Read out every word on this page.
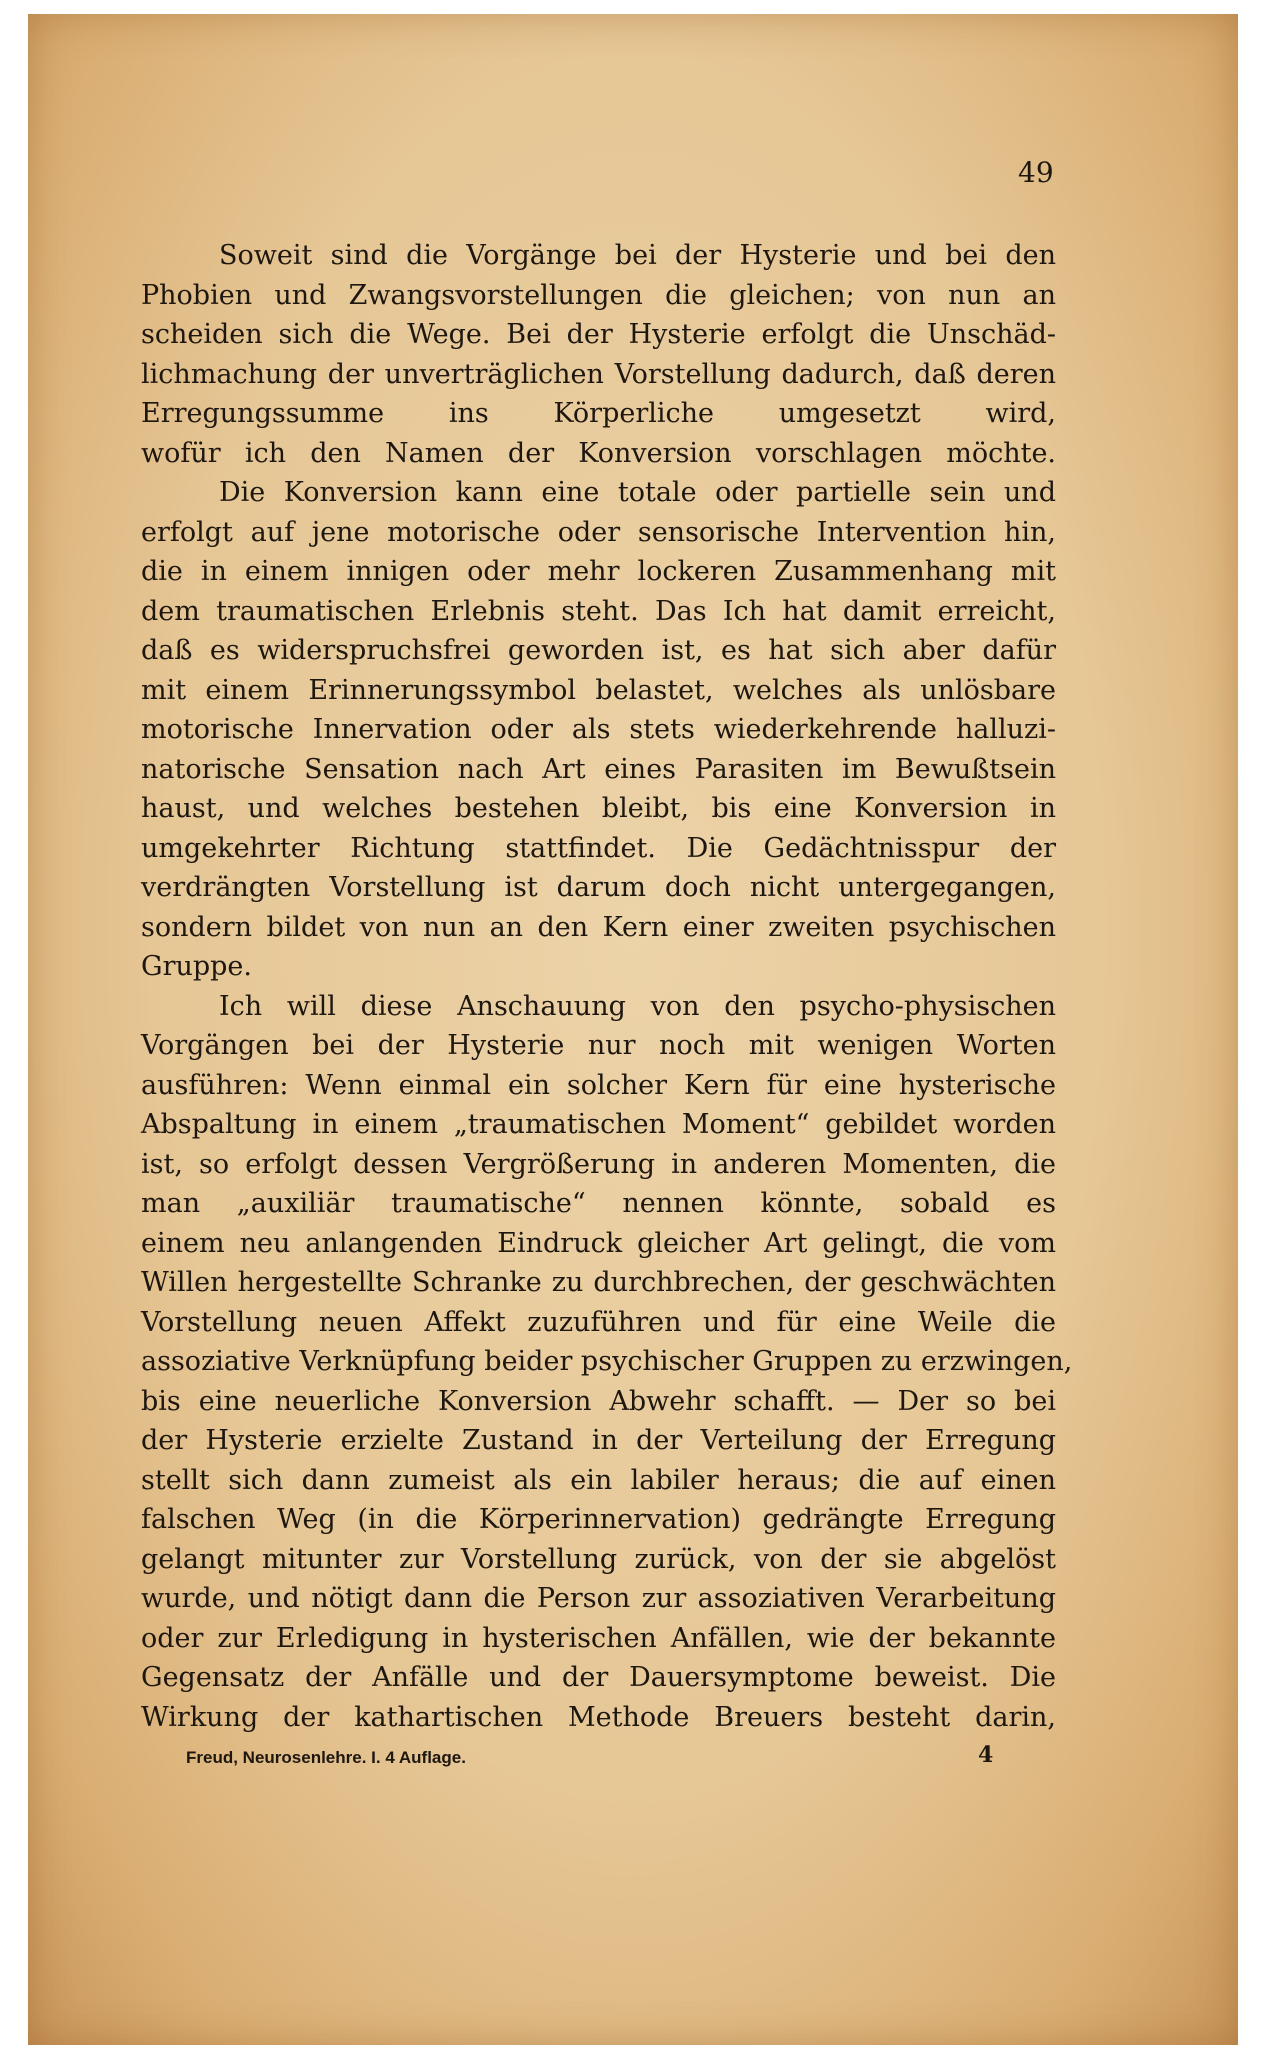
49
Soweit sind die Vorgänge bei der Hysterie und bei den
Phobien und Zwangsvorstellungen die gleichen; von nun an
scheiden sich die Wege. Bei der Hysterie erfolgt die Unschäd-
lichmachung der unverträglichen Vorstellung dadurch, daß deren
Erregungssumme ins Körperliche umgesetzt wird,
wofür ich den Namen der Konversion vorschlagen möchte.
Die Konversion kann eine totale oder partielle sein und
erfolgt auf jene motorische oder sensorische Intervention hin,
die in einem innigen oder mehr lockeren Zusammenhang mit
dem traumatischen Erlebnis steht. Das Ich hat damit erreicht,
daß es widerspruchsfrei geworden ist, es hat sich aber dafür
mit einem Erinnerungssymbol belastet, welches als unlösbare
motorische Innervation oder als stets wiederkehrende halluzi-
natorische Sensation nach Art eines Parasiten im Bewußtsein
haust, und welches bestehen bleibt, bis eine Konversion in
umgekehrter Richtung stattfindet. Die Gedächtnisspur der
verdrängten Vorstellung ist darum doch nicht untergegangen,
sondern bildet von nun an den Kern einer zweiten psychischen
Gruppe.
Ich will diese Anschauung von den psycho-physischen
Vorgängen bei der Hysterie nur noch mit wenigen Worten
ausführen: Wenn einmal ein solcher Kern für eine hysterische
Abspaltung in einem „traumatischen Moment“ gebildet worden
ist, so erfolgt dessen Vergrößerung in anderen Momenten, die
man „auxiliär traumatische“ nennen könnte, sobald es
einem neu anlangenden Eindruck gleicher Art gelingt, die vom
Willen hergestellte Schranke zu durchbrechen, der geschwächten
Vorstellung neuen Affekt zuzuführen und für eine Weile die
assoziative Verknüpfung beider psychischer Gruppen zu erzwingen,
bis eine neuerliche Konversion Abwehr schafft. — Der so bei
der Hysterie erzielte Zustand in der Verteilung der Erregung
stellt sich dann zumeist als ein labiler heraus; die auf einen
falschen Weg (in die Körperinnervation) gedrängte Erregung
gelangt mitunter zur Vorstellung zurück, von der sie abgelöst
wurde, und nötigt dann die Person zur assoziativen Verarbeitung
oder zur Erledigung in hysterischen Anfällen, wie der bekannte
Gegensatz der Anfälle und der Dauersymptome beweist. Die
Wirkung der kathartischen Methode Breuers besteht darin,
Freud, Neurosenlehre. I. 4 Auflage.	4
